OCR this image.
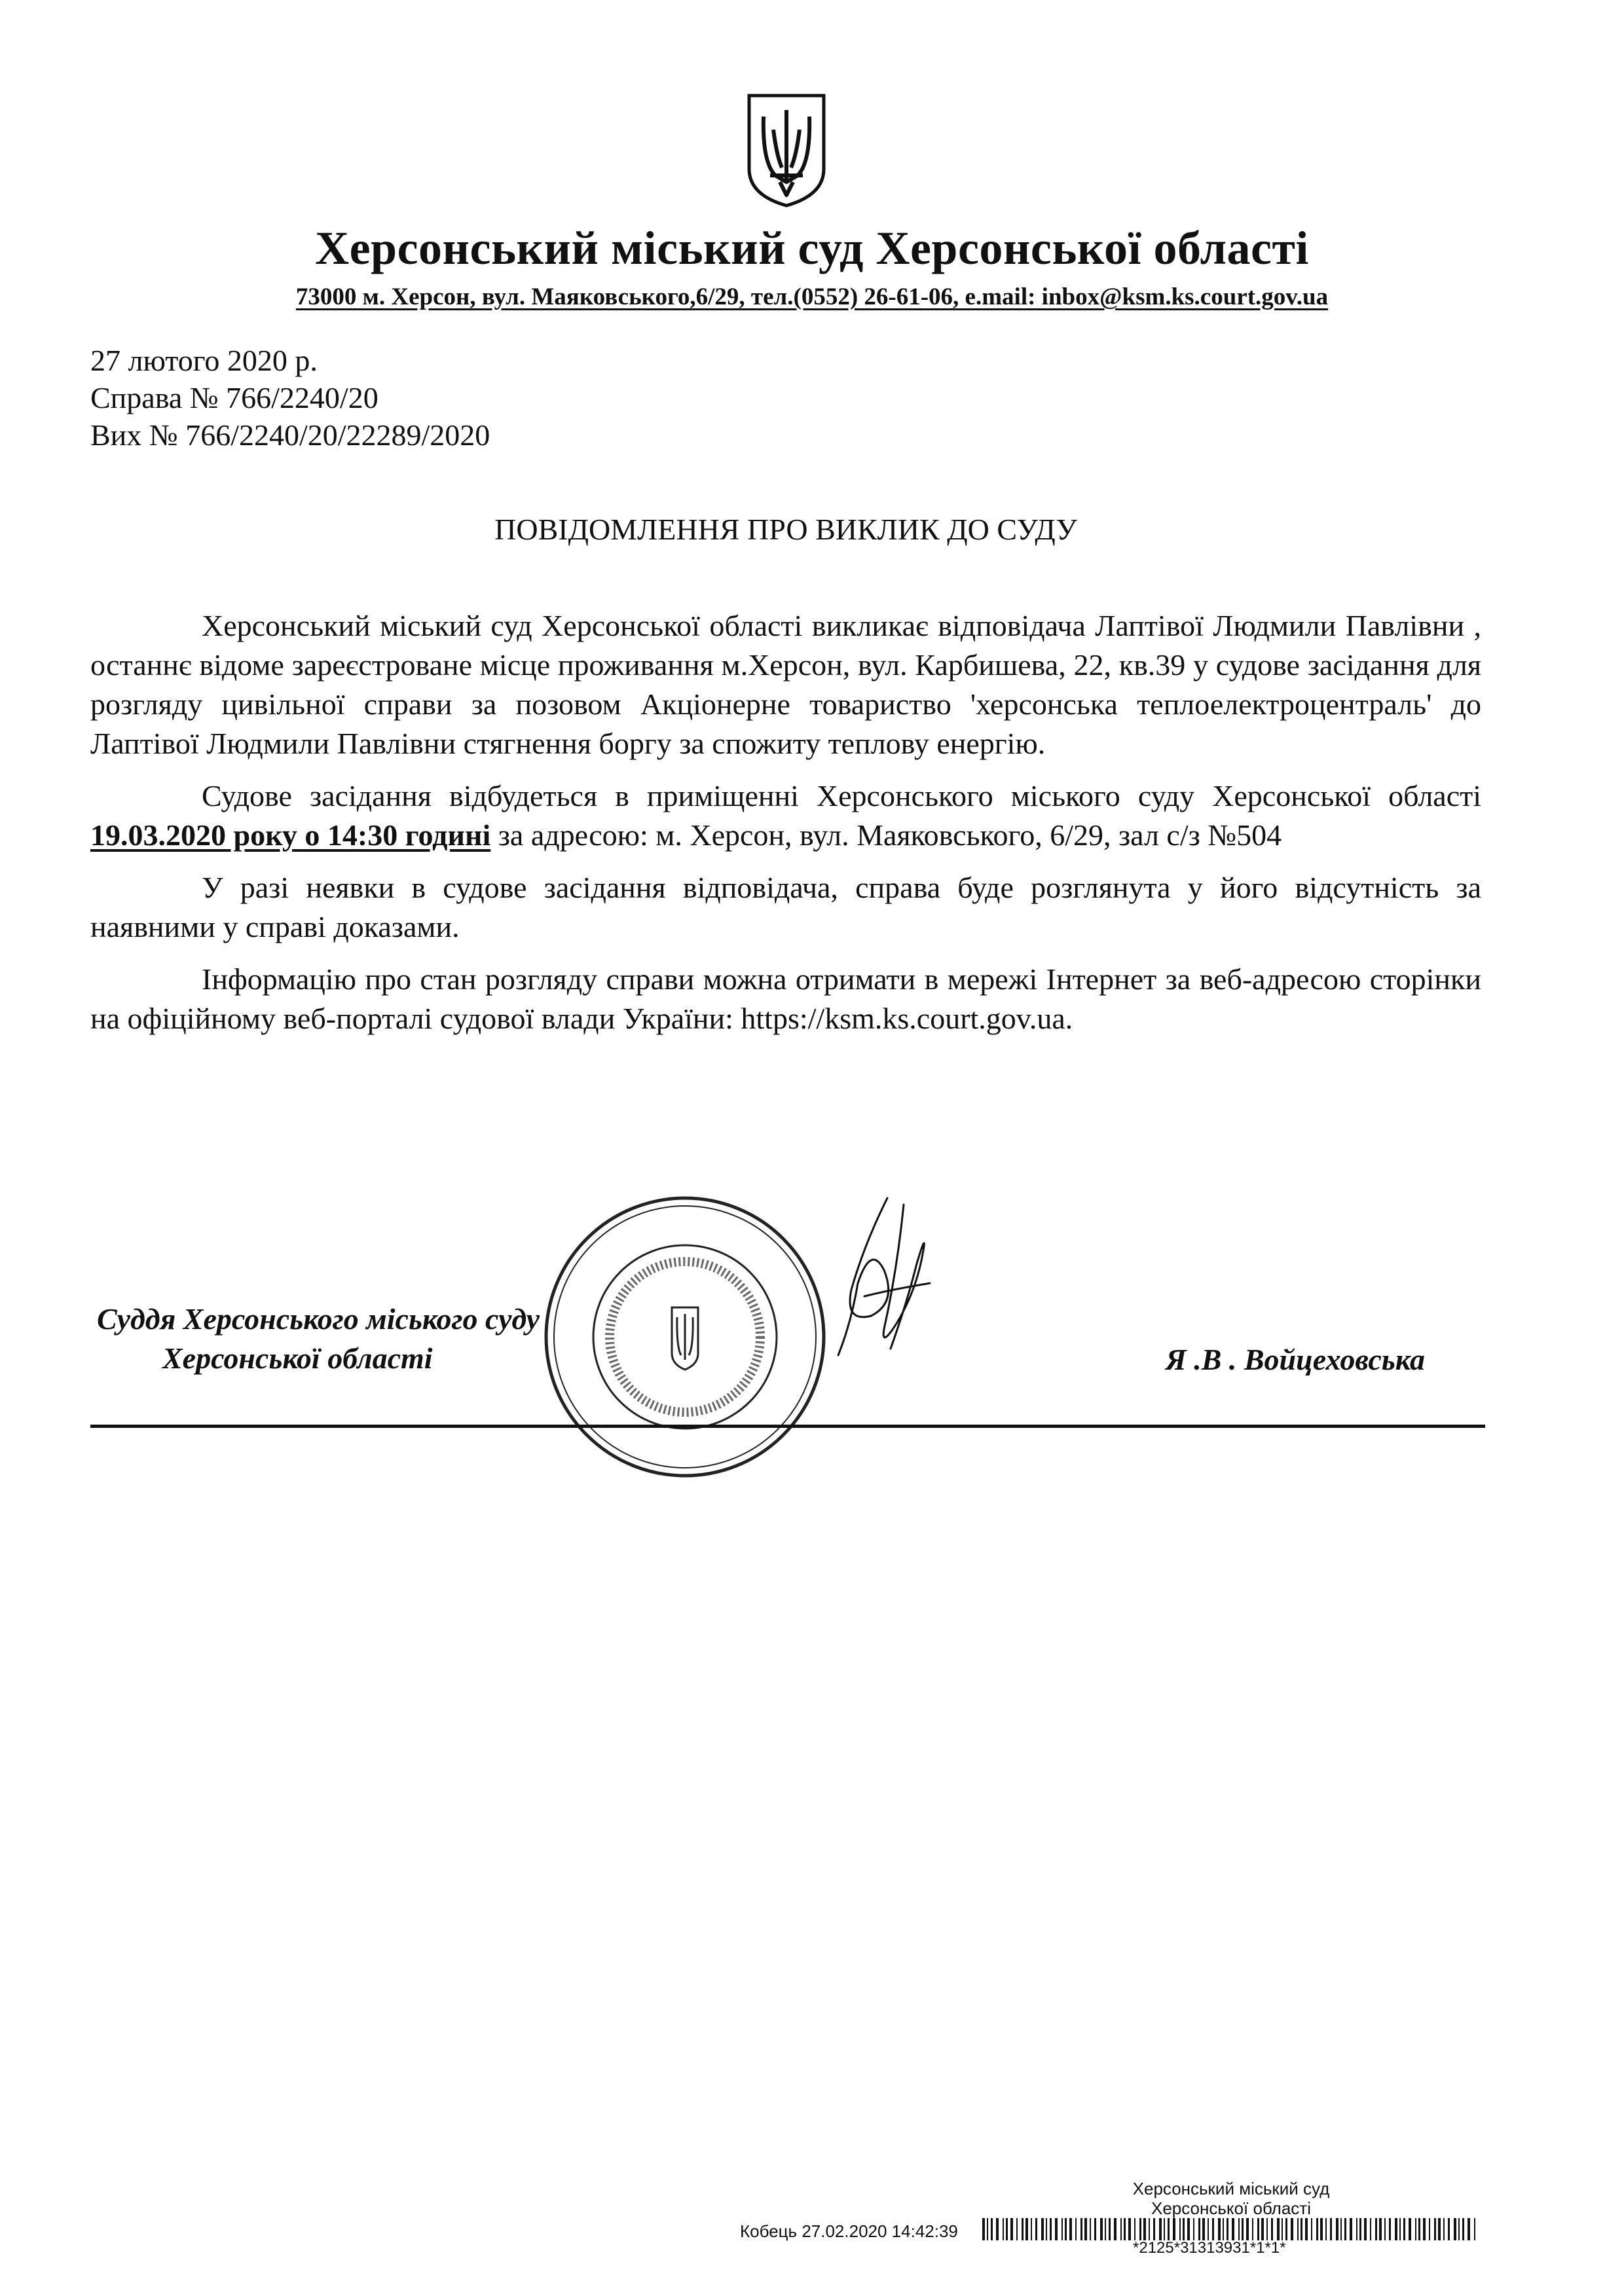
Херсонський міський суд Херсонської області
73000 м. Херсон, вул. Маяковського,6/29, тел.(0552) 26-61-06, e.mail: inbox@ksm.ks.court.gov.ua
27 лютого 2020 р.
Справа № 766/2240/20
Вих № 766/2240/20/22289/2020
ПОВІДОМЛЕННЯ ПРО ВИКЛИК ДО СУДУ

Херсонський міський суд Херсонської області викликає відповідача Лаптівої Людмили Павлівни , останнє відоме зареєстроване місце проживання м.Херсон, вул. Карбишева, 22, кв.39 у судове засідання для розгляду цивільної справи за позовом Акціонерне товариство 'херсонська теплоелектроцентраль' до Лаптівої Людмили Павлівни стягнення боргу за спожиту теплову енергію.

Судове засідання відбудеться в приміщенні Херсонського міського суду Херсонської області 19.03.2020 року о 14:30 годині за адресою: м. Херсон, вул. Маяковського, 6/29, зал с/з №504

У разі неявки в судове засідання відповідача, справа буде розглянута у його відсутність за наявними у справі доказами.

Інформацію про стан розгляду справи можна отримати в мережі Інтернет за веб-адресою сторінки на офіційному веб-порталі судової влади України: https://ksm.ks.court.gov.ua.

Суддя Херсонського міського суду
Херсонської області	Я .В . Войцеховська
Херсонський міський суд
Херсонської області
Кобець 27.02.2020 14:42:39
*2125*31313931*1*1*
